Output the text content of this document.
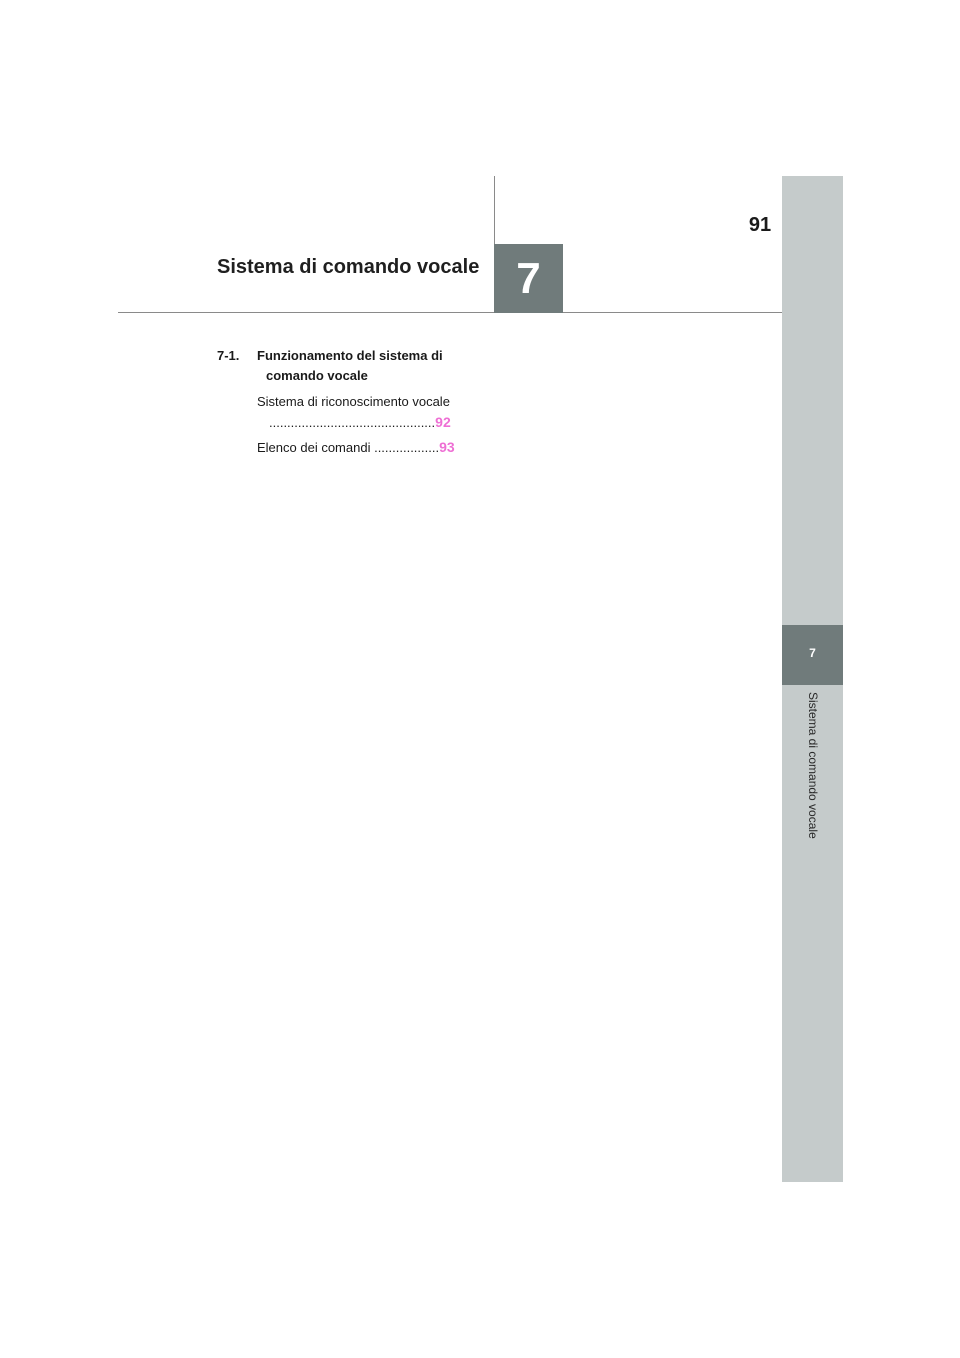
91
Sistema di comando vocale 7
7
Sistema di comando vocale
7-1. Funzionamento del sistema di
comando vocale
Sistema di riconoscimento vocale
..............................................92
Elenco dei comandi ..................93
